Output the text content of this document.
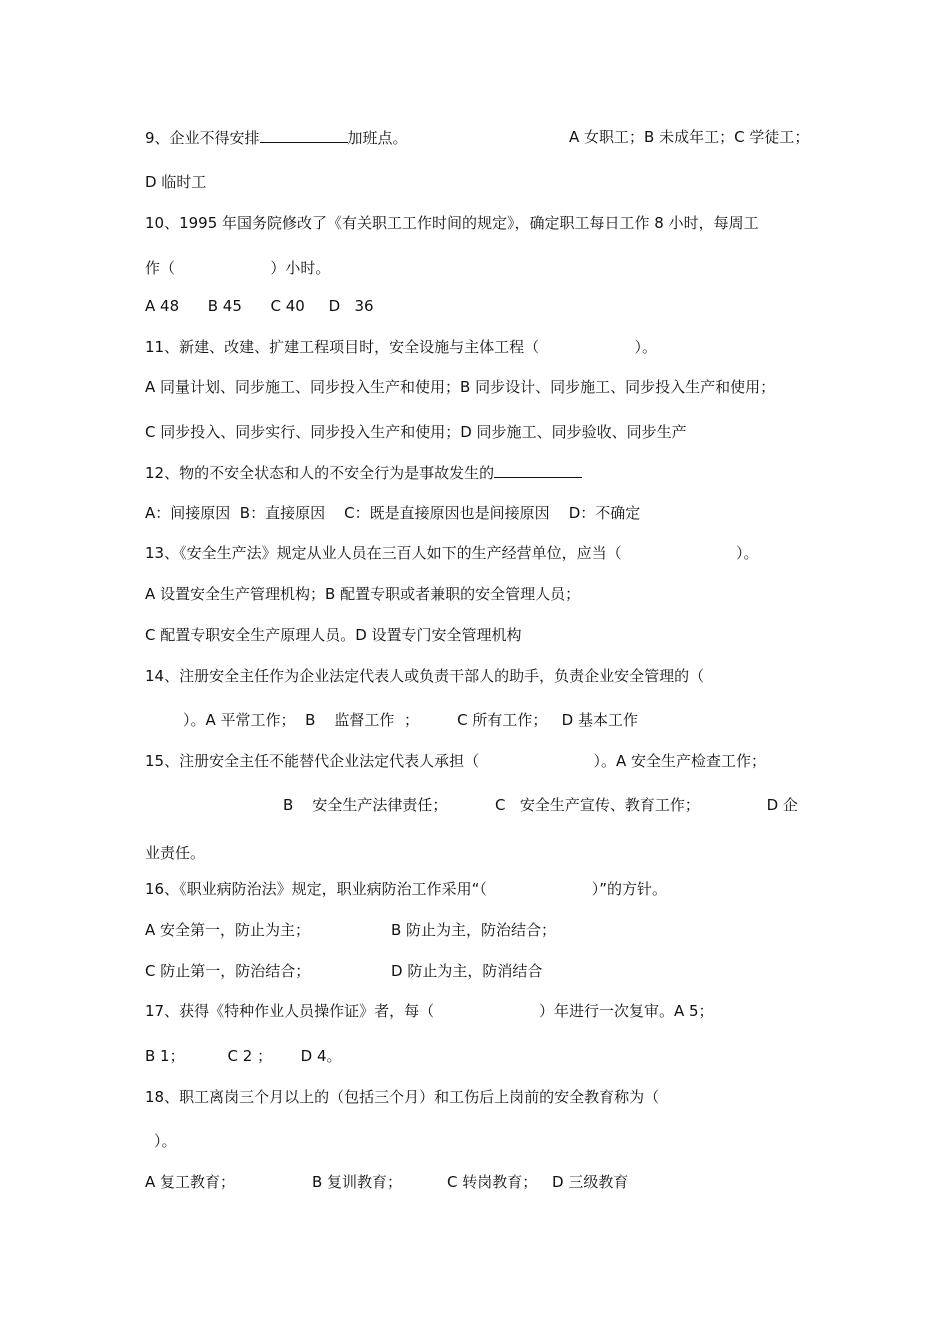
9、企业不得安排	加班点。	A 女职工；B 未成年工；C 学徒工；
D 临时工
10、1995 年国务院修改了《有关职工工作时间的规定》，确定职工每日工作 8 小时，每周工
作（                    ）小时。
A 48      B 45      C 40     D   36
11、新建、改建、扩建工程项目时，安全设施与主体工程（                    ）。
A 同量计划、同步施工、同步投入生产和使用；B 同步设计、同步施工、同步投入生产和使用；
C 同步投入、同步实行、同步投入生产和使用；D 同步施工、同步验收、同步生产
12、物的不安全状态和人的不安全行为是事故发生的
A：间接原因  B：直接原因    C：既是直接原因也是间接原因    D：不确定
13、《安全生产法》规定从业人员在三百人如下的生产经营单位，应当（                        ）。
A 设置安全生产管理机构；B 配置专职或者兼职的安全管理人员；
C 配置专职安全生产原理人员。D 设置专门安全管理机构
14、注册安全主任作为企业法定代表人或负责干部人的助手，负责企业安全管理的（
）。A 平常工作；  B    监督工作  ；        C 所有工作；   D 基本工作
15、注册安全主任不能替代企业法定代表人承担（                        ）。A 安全生产检查工作；
B    安全生产法律责任；          C   安全生产宣传、教育工作；              D 企
业责任。
16、《职业病防治法》规定，职业病防治工作采用“（                      ）”的方针。
A 安全第一，防止为主；	B 防止为主，防治结合；
C 防止第一，防治结合；	D 防止为主，防消结合
17、获得《特种作业人员操作证》者，每（                      ）年进行一次复审。A 5；
B 1；         C 2 ；      D 4。
18、职工离岗三个月以上的（包括三个月）和工伤后上岗前的安全教育称为（
）。
A 复工教育；	B 复训教育；	C 转岗教育； D 三级教育
